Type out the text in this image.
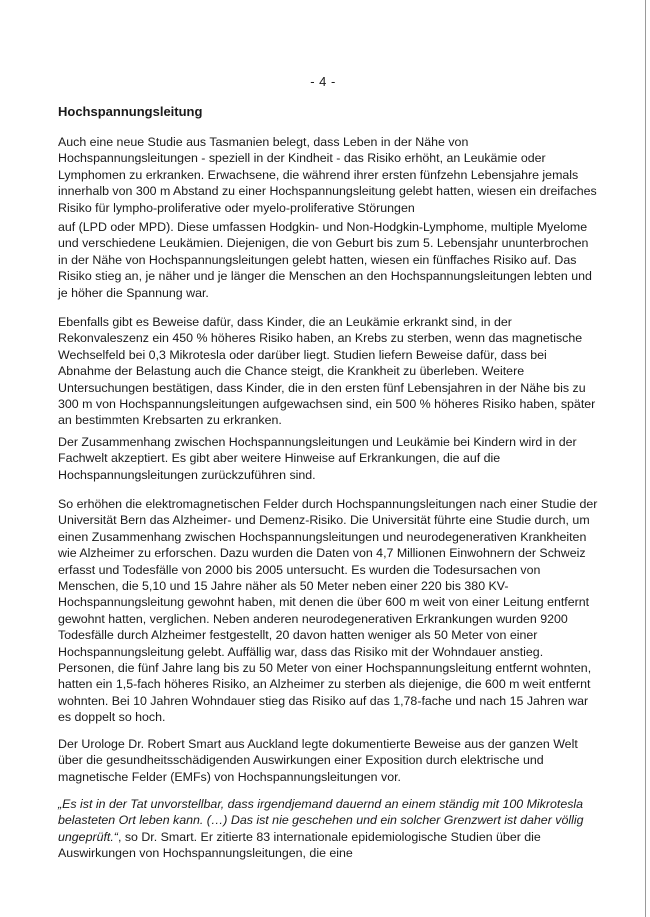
- 4 -
Hochspannungsleitung

Auch eine neue Studie aus Tasmanien belegt, dass Leben in der Nähe von Hochspannungsleitungen - speziell in der Kindheit - das Risiko erhöht, an Leukämie oder Lymphomen zu erkranken. Erwachsene, die während ihrer ersten fünfzehn Lebensjahre jemals innerhalb von 300 m Abstand zu einer Hochspannungsleitung gelebt hatten, wiesen ein dreifaches Risiko für lympho-proliferative oder myelo-proliferative Störungen

auf (LPD oder MPD). Diese umfassen Hodgkin- und Non-Hodgkin-Lymphome, multiple Myelome und verschiedene Leukämien. Diejenigen, die von Geburt bis zum 5. Lebensjahr ununterbrochen in der Nähe von Hochspannungsleitungen gelebt hatten, wiesen ein fünffaches Risiko auf. Das Risiko stieg an, je näher und je länger die Menschen an den Hochspannungsleitungen lebten und je höher die Spannung war.

Ebenfalls gibt es Beweise dafür, dass Kinder, die an Leukämie erkrankt sind, in der Rekonvaleszenz ein 450 % höheres Risiko haben, an Krebs zu sterben, wenn das magnetische Wechselfeld bei 0,3 Mikrotesla oder darüber liegt. Studien liefern Beweise dafür, dass bei Abnahme der Belastung auch die Chance steigt, die Krankheit zu überleben. Weitere Untersuchungen bestätigen, dass Kinder, die in den ersten fünf Lebensjahren in der Nähe bis zu 300 m von Hochspannungsleitungen aufgewachsen sind, ein 500 % höheres Risiko haben, später an bestimmten Krebsarten zu erkranken.

Der Zusammenhang zwischen Hochspannungsleitungen und Leukämie bei Kindern wird in der Fachwelt akzeptiert. Es gibt aber weitere Hinweise auf Erkrankungen, die auf die Hochspannungsleitungen zurückzuführen sind.

So erhöhen die elektromagnetischen Felder durch Hochspannungsleitungen nach einer Studie der Universität Bern das Alzheimer- und Demenz-Risiko. Die Universität führte eine Studie durch, um einen Zusammenhang zwischen Hochspannungsleitungen und neurodegenerativen Krankheiten wie Alzheimer zu erforschen. Dazu wurden die Daten von 4,7 Millionen Einwohnern der Schweiz erfasst und Todesfälle von 2000 bis 2005 untersucht. Es wurden die Todesursachen von Menschen, die 5,10 und 15 Jahre näher als 50 Meter neben einer 220 bis 380 KV-Hochspannungsleitung gewohnt haben, mit denen die über 600 m weit von einer Leitung entfernt gewohnt hatten, verglichen. Neben anderen neurodegenerativen Erkrankungen wurden 9200 Todesfälle durch Alzheimer festgestellt, 20 davon hatten weniger als 50 Meter von einer Hochspannungsleitung gelebt. Auffällig war, dass das Risiko mit der Wohndauer anstieg. Personen, die fünf Jahre lang bis zu 50 Meter von einer Hochspannungsleitung entfernt wohnten, hatten ein 1,5-fach höheres Risiko, an Alzheimer zu sterben als diejenige, die 600 m weit entfernt wohnten. Bei 10 Jahren Wohndauer stieg das Risiko auf das 1,78-fache und nach 15 Jahren war es doppelt so hoch.

Der Urologe Dr. Robert Smart aus Auckland legte dokumentierte Beweise aus der ganzen Welt über die gesundheitsschädigenden Auswirkungen einer Exposition durch elektrische und magnetische Felder (EMFs) von Hochspannungsleitungen vor.

„Es ist in der Tat unvorstellbar, dass irgendjemand dauernd an einem ständig mit 100 Mikrotesla belasteten Ort leben kann. (…) Das ist nie geschehen und ein solcher Grenzwert ist daher völlig ungeprüft.“, so Dr. Smart. Er zitierte 83 internationale epidemiologische Studien über die Auswirkungen von Hochspannungsleitungen, die eine
